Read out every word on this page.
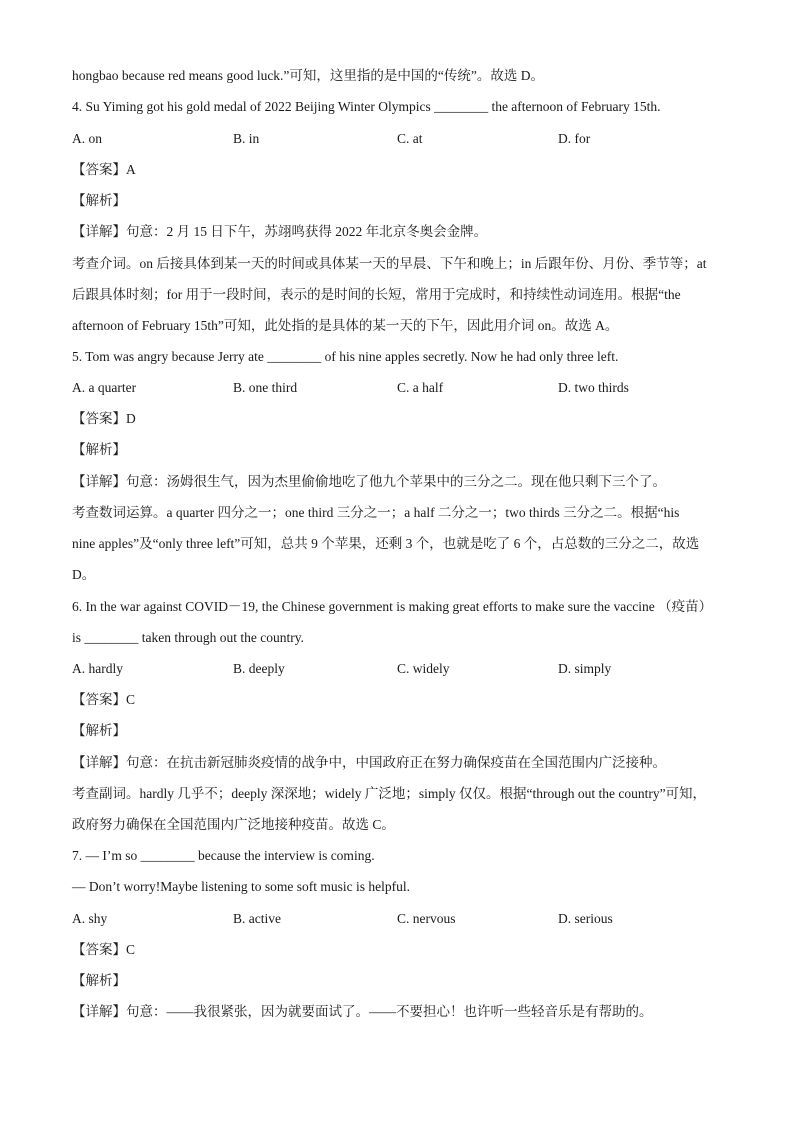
hongbao because red means good luck.”可知，这里指的是中国的“传统”。故选 D。
4. Su Yiming got his gold medal of 2022 Beijing Winter Olympics ________ the afternoon of February 15th.
A. on	B. in	C. at	D. for
【答案】A
【解析】
【详解】句意：2 月 15 日下午，苏翊鸣获得 2022 年北京冬奥会金牌。
考查介词。on 后接具体到某一天的时间或具体某一天的早晨、下午和晚上；in 后跟年份、月份、季节等；at
后跟具体时刻；for 用于一段时间，表示的是时间的长短，常用于完成时，和持续性动词连用。根据“the
afternoon of February 15th”可知，此处指的是具体的某一天的下午，因此用介词 on。故选 A。
5. Tom was angry because Jerry ate ________ of his nine apples secretly. Now he had only three left.
A. a quarter	B. one third	C. a half	D. two thirds
【答案】D
【解析】
【详解】句意：汤姆很生气，因为杰里偷偷地吃了他九个苹果中的三分之二。现在他只剩下三个了。
考查数词运算。a quarter 四分之一；one third 三分之一；a half 二分之一；two thirds 三分之二。根据“his
nine apples”及“only three left”可知，总共 9 个苹果，还剩 3 个，也就是吃了 6 个，占总数的三分之二，故选
D。
6. In the war against COVID－19, the Chinese government is making great efforts to make sure the vaccine （疫苗）
is ________ taken through out the country.
A. hardly	B. deeply	C. widely	D. simply
【答案】C
【解析】
【详解】句意：在抗击新冠肺炎疫情的战争中，中国政府正在努力确保疫苗在全国范围内广泛接种。
考查副词。hardly 几乎不；deeply 深深地；widely 广泛地；simply 仅仅。根据“through out the country”可知，
政府努力确保在全国范围内广泛地接种疫苗。故选 C。
7. — I’m so ________ because the interview is coming.
— Don’t worry!Maybe listening to some soft music is helpful.
A. shy	B. active	C. nervous	D. serious
【答案】C
【解析】
【详解】句意：——我很紧张，因为就要面试了。——不要担心！也许听一些轻音乐是有帮助的。
